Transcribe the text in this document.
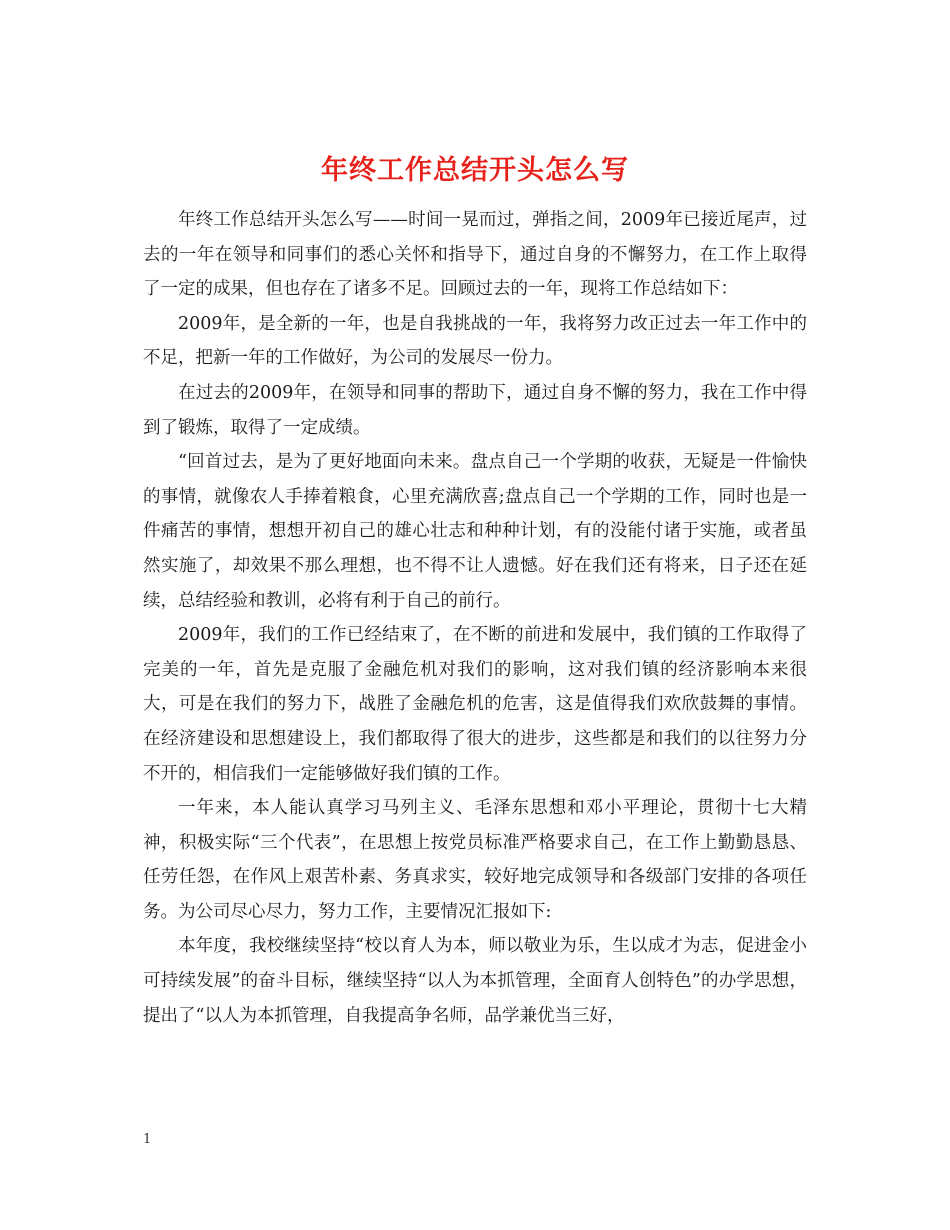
年终工作总结开头怎么写

年终工作总结开头怎么写——时间一晃而过，弹指之间，2009年已接近尾声，过去的一年在领导和同事们的悉心关怀和指导下，通过自身的不懈努力，在工作上取得了一定的成果，但也存在了诸多不足。回顾过去的一年，现将工作总结如下：

2009年，是全新的一年，也是自我挑战的一年，我将努力改正过去一年工作中的不足，把新一年的工作做好，为公司的发展尽一份力。

在过去的2009年，在领导和同事的帮助下，通过自身不懈的努力，我在工作中得到了锻炼，取得了一定成绩。

“回首过去，是为了更好地面向未来。盘点自己一个学期的收获，无疑是一件愉快的事情，就像农人手捧着粮食，心里充满欣喜;盘点自己一个学期的工作，同时也是一件痛苦的事情，想想开初自己的雄心壮志和种种计划，有的没能付诸于实施，或者虽然实施了，却效果不那么理想，也不得不让人遗憾。好在我们还有将来，日子还在延续，总结经验和教训，必将有利于自己的前行。

2009年，我们的工作已经结束了，在不断的前进和发展中，我们镇的工作取得了完美的一年，首先是克服了金融危机对我们的影响，这对我们镇的经济影响本来很大，可是在我们的努力下，战胜了金融危机的危害，这是值得我们欢欣鼓舞的事情。在经济建设和思想建设上，我们都取得了很大的进步，这些都是和我们的以往努力分不开的，相信我们一定能够做好我们镇的工作。

一年来，本人能认真学习马列主义、毛泽东思想和邓小平理论，贯彻十七大精神，积极实际“三个代表”，在思想上按党员标准严格要求自己，在工作上勤勤恳恳、任劳任怨，在作风上艰苦朴素、务真求实，较好地完成领导和各级部门安排的各项任务。为公司尽心尽力，努力工作，主要情况汇报如下:

本年度，我校继续坚持“校以育人为本，师以敬业为乐，生以成才为志，促进金小可持续发展”的奋斗目标，继续坚持“以人为本抓管理，全面育人创特色”的办学思想，提出了“以人为本抓管理，自我提高争名师，品学兼优当三好，

1
